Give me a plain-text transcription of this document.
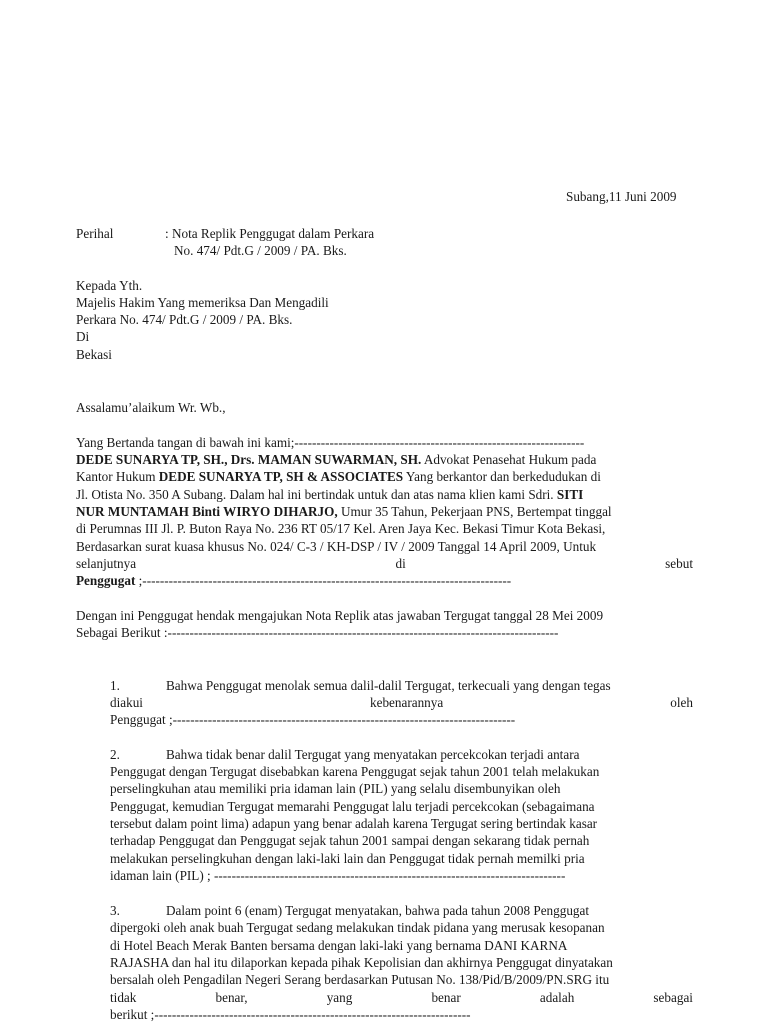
Subang,11 Juni 2009
Perihal	: Nota Replik Penggugat dalam Perkara
No. 474/ Pdt.G / 2009 / PA. Bks.
Kepada Yth.
Majelis Hakim Yang memeriksa Dan Mengadili
Perkara No. 474/ Pdt.G / 2009 / PA. Bks.
Di
Bekasi
Assalamu’alaikum Wr. Wb.,
Yang Bertanda tangan di bawah ini kami;------------------------------------------------------------------
DEDE SUNARYA TP, SH., Drs. MAMAN SUWARMAN, SH. Advokat Penasehat Hukum pada
Kantor Hukum DEDE SUNARYA TP, SH & ASSOCIATES Yang berkantor dan berkedudukan di
Jl. Otista No. 350 A Subang. Dalam hal ini bertindak untuk dan atas nama klien kami Sdri. SITI
NUR MUNTAMAH Binti WIRYO DIHARJO, Umur 35 Tahun, Pekerjaan PNS, Bertempat tinggal
di Perumnas III Jl. P. Buton Raya No. 236 RT 05/17 Kel. Aren Jaya Kec. Bekasi Timur Kota Bekasi,
Berdasarkan surat kuasa khusus No. 024/ C-3 / KH-DSP / IV / 2009 Tanggal 14 April 2009, Untuk
selanjutnya	di	sebut
Penggugat ;------------------------------------------------------------------------------------
Dengan ini Penggugat hendak mengajukan Nota Replik atas jawaban Tergugat tanggal 28 Mei 2009
Sebagai Berikut :-----------------------------------------------------------------------------------------
1.	Bahwa Penggugat menolak semua dalil-dalil Tergugat, terkecuali yang dengan tegas
diakui	kebenarannya	oleh
Penggugat ;------------------------------------------------------------------------------
2.	Bahwa tidak benar dalil Tergugat yang menyatakan percekcokan terjadi antara
Penggugat dengan Tergugat disebabkan karena Penggugat sejak tahun 2001 telah melakukan
perselingkuhan atau memiliki pria idaman lain (PIL) yang selalu disembunyikan oleh
Penggugat, kemudian Tergugat memarahi Penggugat lalu terjadi percekcokan (sebagaimana
tersebut dalam point lima) adapun yang benar adalah karena Tergugat sering bertindak kasar
terhadap Penggugat dan Penggugat sejak tahun 2001 sampai dengan sekarang tidak pernah
melakukan perselingkuhan dengan laki-laki lain dan Penggugat tidak pernah memilki pria
idaman lain (PIL) ; --------------------------------------------------------------------------------
3.	Dalam point 6 (enam) Tergugat menyatakan, bahwa pada tahun 2008 Penggugat
dipergoki oleh anak buah Tergugat sedang melakukan tindak pidana yang merusak kesopanan
di Hotel Beach Merak Banten bersama dengan laki-laki yang bernama DANI KARNA
RAJASHA dan hal itu dilaporkan kepada pihak Kepolisian dan akhirnya Penggugat dinyatakan
bersalah oleh Pengadilan Negeri Serang berdasarkan Putusan No. 138/Pid/B/2009/PN.SRG itu
tidak	benar,	yang	benar	adalah	sebagai
berikut ;------------------------------------------------------------------------
